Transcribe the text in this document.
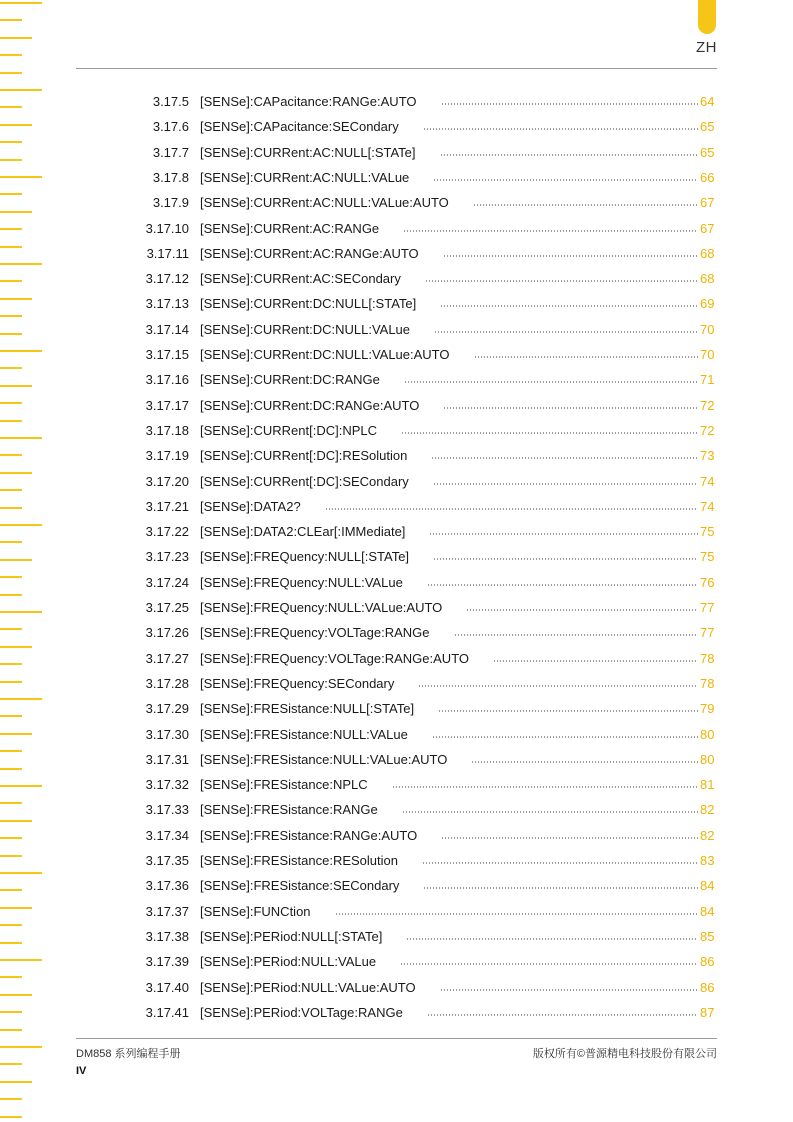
ZH
3.17.5 [SENSe]:CAPacitance:RANGe:AUTO	64
3.17.6 [SENSe]:CAPacitance:SECondary	65
3.17.7 [SENSe]:CURRent:AC:NULL[:STATe]	65
3.17.8 [SENSe]:CURRent:AC:NULL:VALue	66
3.17.9 [SENSe]:CURRent:AC:NULL:VALue:AUTO	67
3.17.10 [SENSe]:CURRent:AC:RANGe	67
3.17.11 [SENSe]:CURRent:AC:RANGe:AUTO	68
3.17.12 [SENSe]:CURRent:AC:SECondary	68
3.17.13 [SENSe]:CURRent:DC:NULL[:STATe]	69
3.17.14 [SENSe]:CURRent:DC:NULL:VALue	70
3.17.15 [SENSe]:CURRent:DC:NULL:VALue:AUTO	70
3.17.16 [SENSe]:CURRent:DC:RANGe	71
3.17.17 [SENSe]:CURRent:DC:RANGe:AUTO	72
3.17.18 [SENSe]:CURRent[:DC]:NPLC	72
3.17.19 [SENSe]:CURRent[:DC]:RESolution	73
3.17.20 [SENSe]:CURRent[:DC]:SECondary	74
3.17.21 [SENSe]:DATA2?	74
3.17.22 [SENSe]:DATA2:CLEar[:IMMediate]	75
3.17.23 [SENSe]:FREQuency:NULL[:STATe]	75
3.17.24 [SENSe]:FREQuency:NULL:VALue	76
3.17.25 [SENSe]:FREQuency:NULL:VALue:AUTO	77
3.17.26 [SENSe]:FREQuency:VOLTage:RANGe	77
3.17.27 [SENSe]:FREQuency:VOLTage:RANGe:AUTO	78
3.17.28 [SENSe]:FREQuency:SECondary	78
3.17.29 [SENSe]:FRESistance:NULL[:STATe]	79
3.17.30 [SENSe]:FRESistance:NULL:VALue	80
3.17.31 [SENSe]:FRESistance:NULL:VALue:AUTO	80
3.17.32 [SENSe]:FRESistance:NPLC	81
3.17.33 [SENSe]:FRESistance:RANGe	82
3.17.34 [SENSe]:FRESistance:RANGe:AUTO	82
3.17.35 [SENSe]:FRESistance:RESolution	83
3.17.36 [SENSe]:FRESistance:SECondary	84
3.17.37 [SENSe]:FUNCtion	84
3.17.38 [SENSe]:PERiod:NULL[:STATe]	85
3.17.39 [SENSe]:PERiod:NULL:VALue	86
3.17.40 [SENSe]:PERiod:NULL:VALue:AUTO	86
3.17.41 [SENSe]:PERiod:VOLTage:RANGe	87
DM858 系列编程手册	版权所有©普源精电科技股份有限公司
IV
